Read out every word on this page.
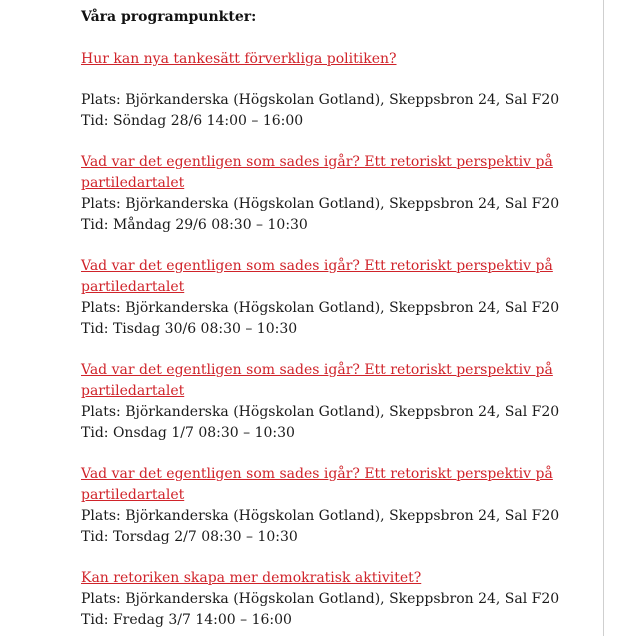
Våra programpunkter:

Hur kan nya tankesätt förverkliga politiken?
Plats: Björkanderska (Högskolan Gotland), Skeppsbron 24, Sal F20
Tid: Söndag 28/6 14:00 – 16:00
Vad var det egentligen som sades igår? Ett retoriskt perspektiv på partiledartalet
Plats: Björkanderska (Högskolan Gotland), Skeppsbron 24, Sal F20
Tid: Måndag 29/6 08:30 – 10:30
Vad var det egentligen som sades igår? Ett retoriskt perspektiv på partiledartalet
Plats: Björkanderska (Högskolan Gotland), Skeppsbron 24, Sal F20
Tid: Tisdag 30/6 08:30 – 10:30
Vad var det egentligen som sades igår? Ett retoriskt perspektiv på partiledartalet
Plats: Björkanderska (Högskolan Gotland), Skeppsbron 24, Sal F20
Tid: Onsdag 1/7 08:30 – 10:30
Vad var det egentligen som sades igår? Ett retoriskt perspektiv på partiledartalet
Plats: Björkanderska (Högskolan Gotland), Skeppsbron 24, Sal F20
Tid: Torsdag 2/7 08:30 – 10:30
Kan retoriken skapa mer demokratisk aktivitet?
Plats: Björkanderska (Högskolan Gotland), Skeppsbron 24, Sal F20
Tid: Fredag 3/7 14:00 – 16:00
